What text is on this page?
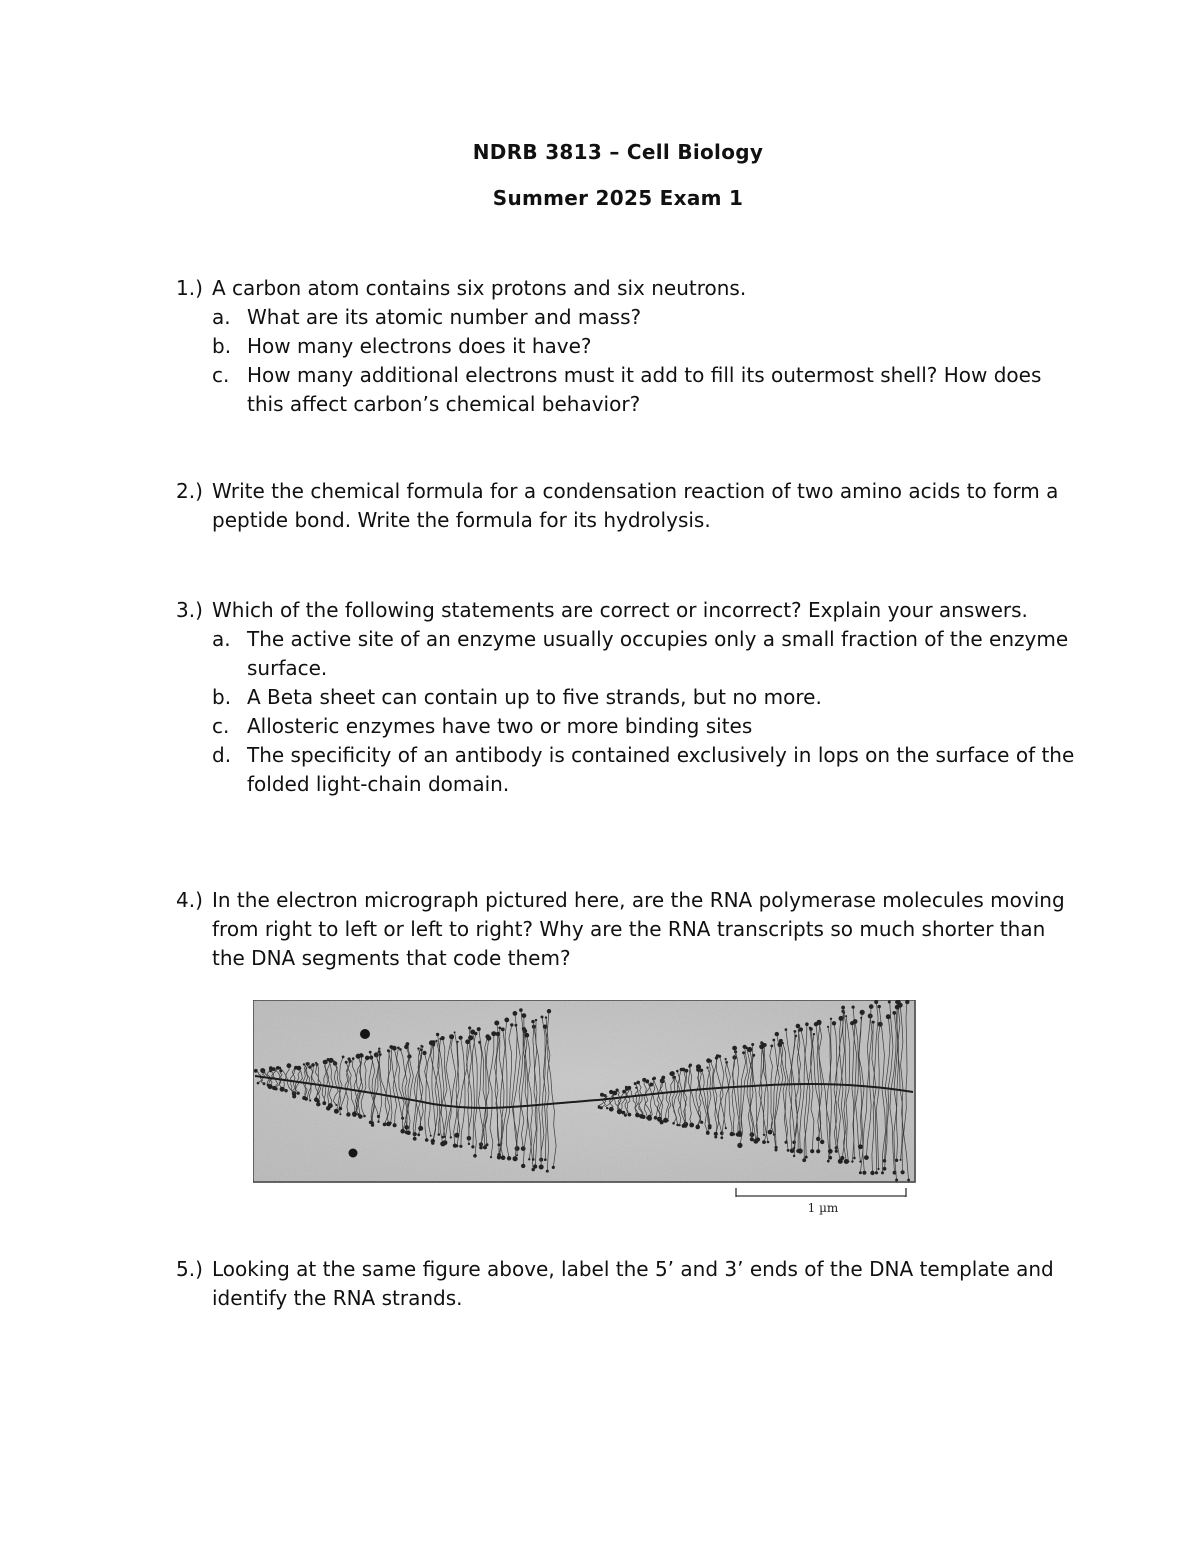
NDRB 3813 – Cell Biology
Summer 2025 Exam 1
1.) A carbon atom contains six protons and six neutrons.
a. What are its atomic number and mass?
b. How many electrons does it have?
c. How many additional electrons must it add to fill its outermost shell? How does this affect carbon’s chemical behavior?
2.) Write the chemical formula for a condensation reaction of two amino acids to form a peptide bond. Write the formula for its hydrolysis.
3.) Which of the following statements are correct or incorrect? Explain your answers.
a. The active site of an enzyme usually occupies only a small fraction of the enzyme surface.
b. A Beta sheet can contain up to five strands, but no more.
c. Allosteric enzymes have two or more binding sites
d. The specificity of an antibody is contained exclusively in lops on the surface of the folded light-chain domain.
4.) In the electron micrograph pictured here, are the RNA polymerase molecules moving from right to left or left to right? Why are the RNA transcripts so much shorter than the DNA segments that code them?
1 µm
5.) Looking at the same figure above, label the 5’ and 3’ ends of the DNA template and identify the RNA strands.
